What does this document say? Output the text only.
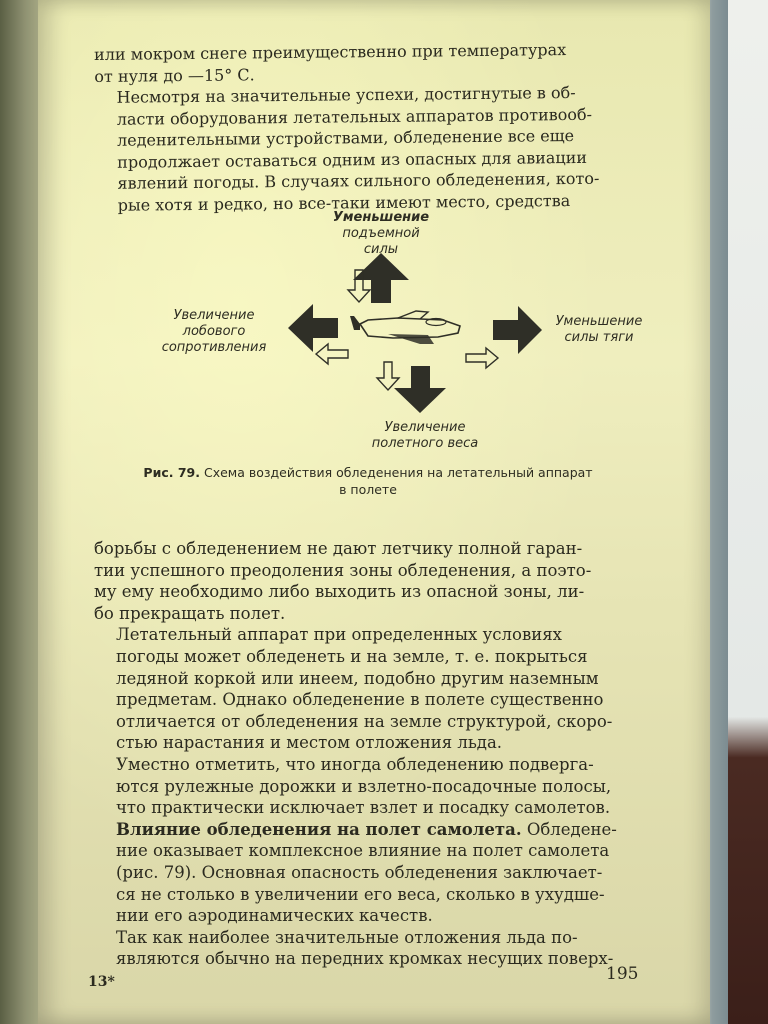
или мокром снеге преимущественно при температурах
от нуля до —15° С.

Несмотря на значительные успехи, достигнутые в об-
ласти оборудования летательных аппаратов противооб-
леденительными устройствами, обледенение все еще
продолжает оставаться одним из опасных для авиации
явлений погоды. В случаях сильного обледенения, кото-
рые хотя и редко, но все-таки имеют место, средства

Уменьшение
подъемной силы
Увеличение
лобового
сопротивления
Уменьшение
силы тяги
Увеличение
полетного веса
Рис. 79. Схема воздействия обледенения на летательный аппарат
в полете

борьбы с обледенением не дают летчику полной гаран-
тии успешного преодоления зоны обледенения, а поэто-
му ему необходимо либо выходить из опасной зоны, ли-
бо прекращать полет.

Летательный аппарат при определенных условиях
погоды может обледенеть и на земле, т. е. покрыться
ледяной коркой или инеем, подобно другим наземным
предметам. Однако обледенение в полете существенно
отличается от обледенения на земле структурой, скоро-
стью нарастания и местом отложения льда.

Уместно отметить, что иногда обледенению подверга-
ются рулежные дорожки и взлетно-посадочные полосы,
что практически исключает взлет и посадку самолетов.

Влияние обледенения на полет самолета. Обледене-
ние оказывает комплексное влияние на полет самолета
(рис. 79). Основная опасность обледенения заключает-
ся не столько в увеличении его веса, сколько в ухудше-
нии его аэродинамических качеств.

Так как наиболее значительные отложения льда по-
являются обычно на передних кромках несущих поверх-

13*	195
